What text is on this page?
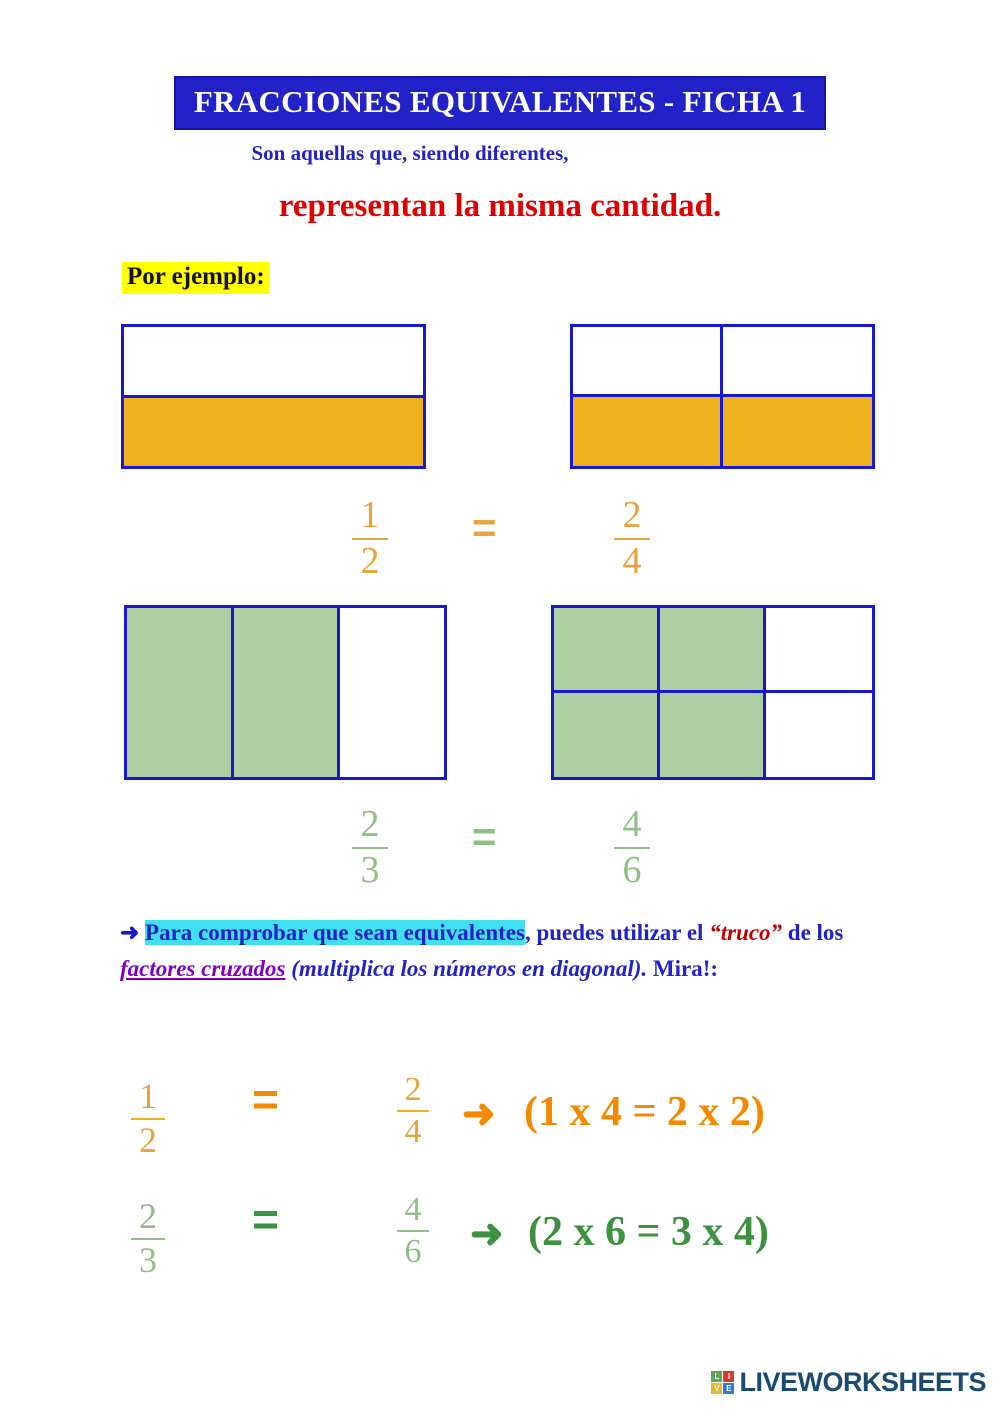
FRACCIONES EQUIVALENTES - FICHA 1
Son aquellas que, siendo diferentes,
representan la misma cantidad.
Por ejemplo:
1
2
=	2
4
2
3
=	4
6
➜ Para comprobar que sean equivalentes, puedes utilizar el “truco” de los factores cruzados (multiplica los números en diagonal). Mira!:
1
2
=	2
4	➜ (1 x 4 = 2 x 2)
2
3
=	4
6	➜ (2 x 6 = 3 x 4)
L	I
V E LIVEWORKSHEETS
